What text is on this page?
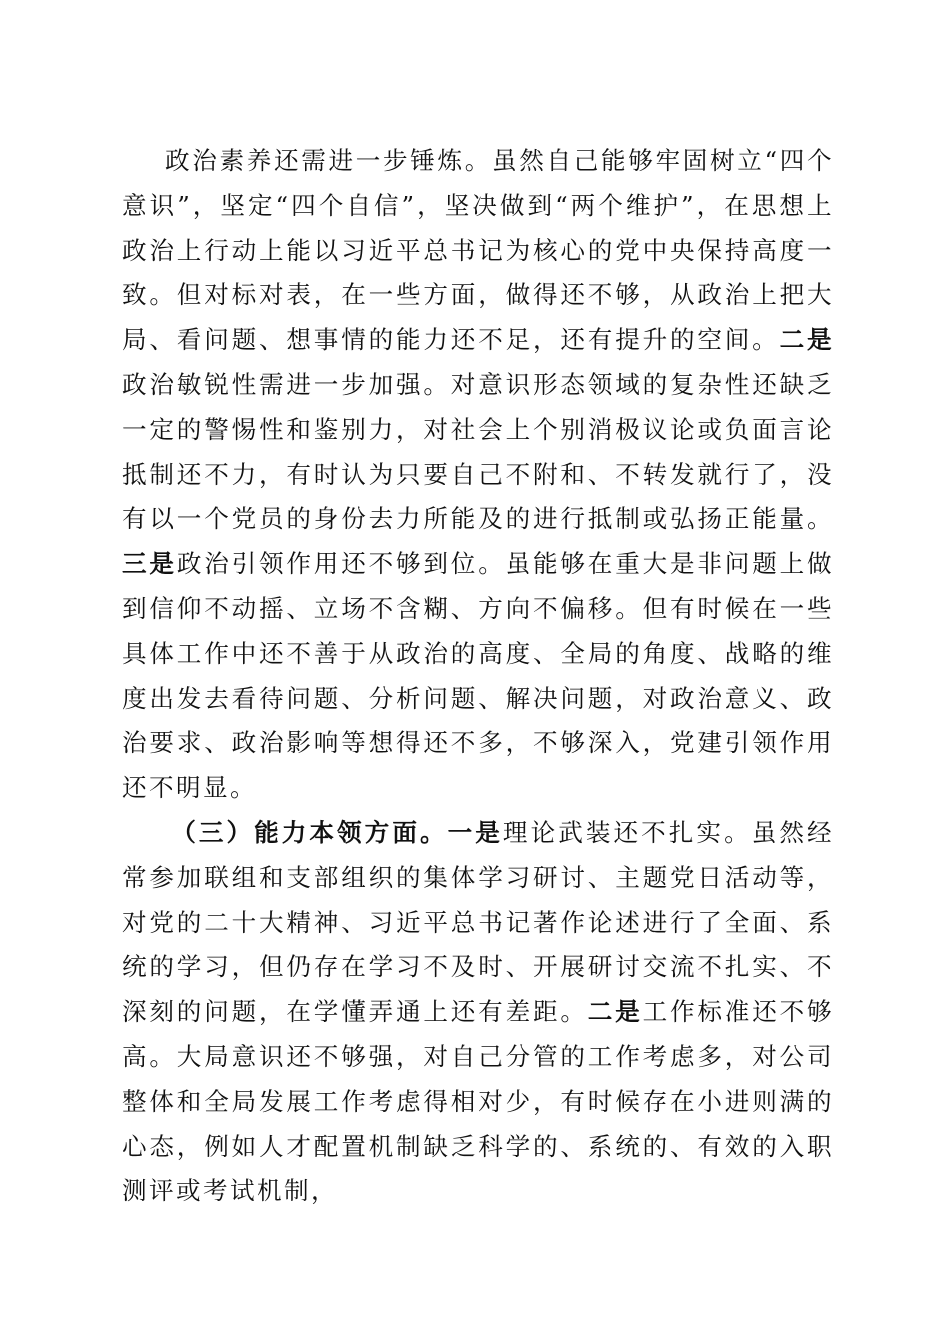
政治素养还需进一步锤炼。虽然自己能够牢固树立“四个意识”，坚定“四个自信”，坚决做到“两个维护”，在思想上政治上行动上能以习近平总书记为核心的党中央保持高度一致。但对标对表，在一些方面，做得还不够，从政治上把大局、看问题、想事情的能力还不足，还有提升的空间。二是政治敏锐性需进一步加强。对意识形态领域的复杂性还缺乏一定的警惕性和鉴别力，对社会上个别消极议论或负面言论抵制还不力，有时认为只要自己不附和、不转发就行了，没有以一个党员的身份去力所能及的进行抵制或弘扬正能量。三是政治引领作用还不够到位。虽能够在重大是非问题上做到信仰不动摇、立场不含糊、方向不偏移。但有时候在一些具体工作中还不善于从政治的高度、全局的角度、战略的维度出发去看待问题、分析问题、解决问题，对政治意义、政治要求、政治影响等想得还不多，不够深入，党建引领作用还不明显。

（三）能力本领方面。一是理论武装还不扎实。虽然经常参加联组和支部组织的集体学习研讨、主题党日活动等，对党的二十大精神、习近平总书记著作论述进行了全面、系统的学习，但仍存在学习不及时、开展研讨交流不扎实、不深刻的问题，在学懂弄通上还有差距。二是工作标准还不够高。大局意识还不够强，对自己分管的工作考虑多，对公司整体和全局发展工作考虑得相对少，有时候存在小进则满的心态，例如人才配置机制缺乏科学的、系统的、有效的入职测评或考试机制，
